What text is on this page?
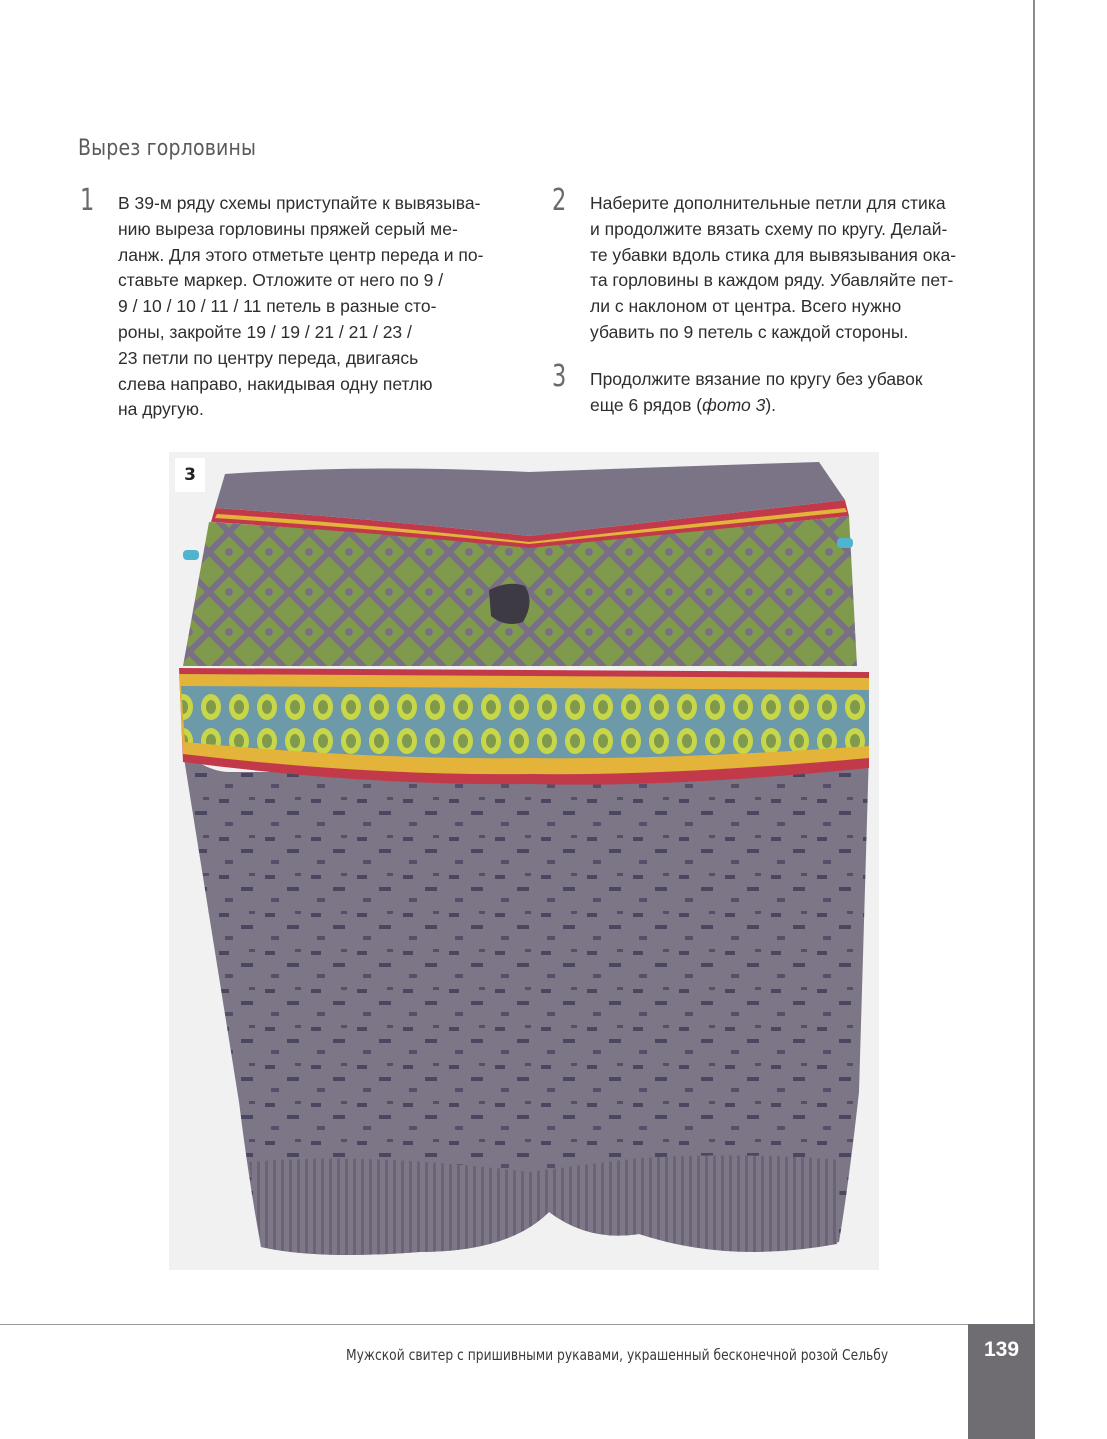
Вырез горловины
1 В 39-м ряду схемы приступайте к вывязыва-
нию выреза горловины пряжей серый ме-
ланж. Для этого отметьте центр переда и по-
ставьте маркер. Отложите от него по 9 /
9 / 10 / 10 / 11 / 11 петель в разные сто-
роны, закройте 19 / 19 / 21 / 21 / 23 /
23 петли по центру переда, двигаясь
слева направо, накидывая одну петлю
на другую.
2 Наберите дополнительные петли для стика
и продолжите вязать схему по кругу. Делай-
те убавки вдоль стика для вывязывания ока-
та горловины в каждом ряду. Убавляйте пет-
ли с наклоном от центра. Всего нужно
убавить по 9 петель с каждой стороны.
3 Продолжите вязание по кругу без убавок
еще 6 рядов (фото 3).
3
Мужской свитер с пришивными рукавами, украшенный бесконечной розой Сельбу	139
